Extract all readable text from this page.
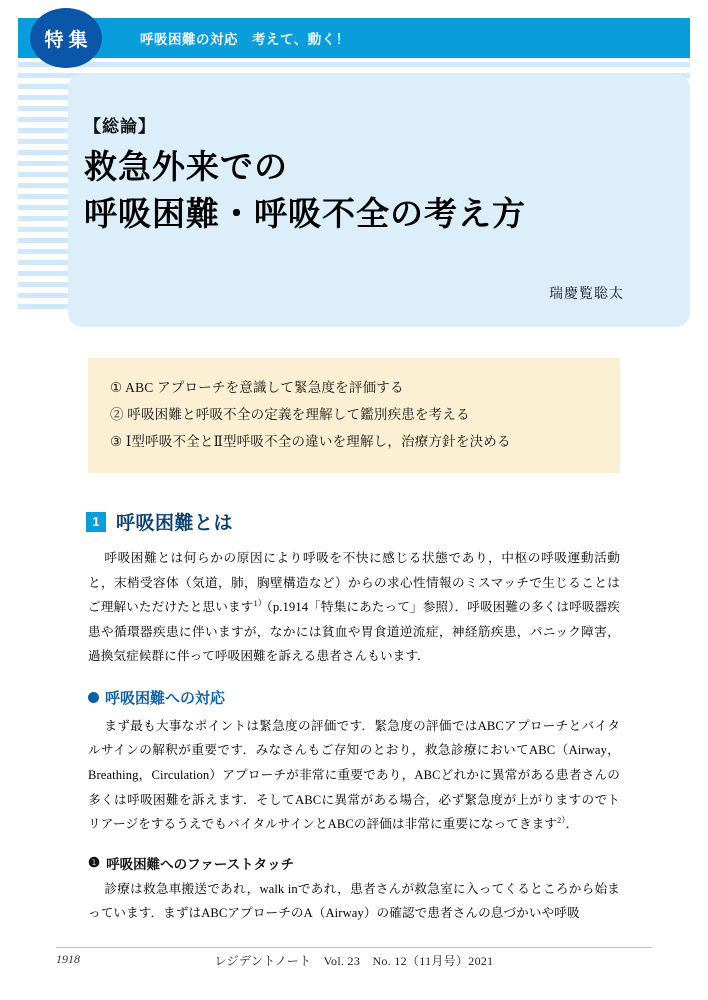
呼吸困難の対応　考えて、動く！
特集
【総論】
救急外来での
呼吸困難・呼吸不全の考え方
瑞慶覧聡太
① ABC アプローチを意識して緊急度を評価する
② 呼吸困難と呼吸不全の定義を理解して鑑別疾患を考える
③ Ⅰ型呼吸不全とⅡ型呼吸不全の違いを理解し，治療方針を決める
1 呼吸困難とは

呼吸困難とは何らかの原因により呼吸を不快に感じる状態であり，中枢の呼吸運動活動と，末梢受容体（気道，肺，胸壁構造など）からの求心性情報のミスマッチで生じることはご理解いただけたと思います$^{1)}$（p.1914「特集にあたって」参照）．呼吸困難の多くは呼吸器疾患や循環器疾患に伴いますが，なかには貧血や胃食道逆流症，神経筋疾患，パニック障害，過換気症候群に伴って呼吸困難を訴える患者さんもいます．

呼吸困難への対応

まず最も大事なポイントは緊急度の評価です．緊急度の評価ではABCアプローチとバイタルサインの解釈が重要です．みなさんもご存知のとおり，救急診療においてABC（Airway，Breathing，Circulation）アプローチが非常に重要であり，ABCどれかに異常がある患者さんの多くは呼吸困難を訴えます．そしてABCに異常がある場合，必ず緊急度が上がりますのでトリアージをするうえでもバイタルサインとABCの評価は非常に重要になってきます$^{2)}$．

❶ 呼吸困難へのファーストタッチ

診療は救急車搬送であれ，walk inであれ，患者さんが救急室に入ってくるところから始まっています．まずはABCアプローチのA（Airway）の確認で患者さんの息づかいや呼吸

1918	レジデントノート　Vol. 23　No. 12（11月号）2021
